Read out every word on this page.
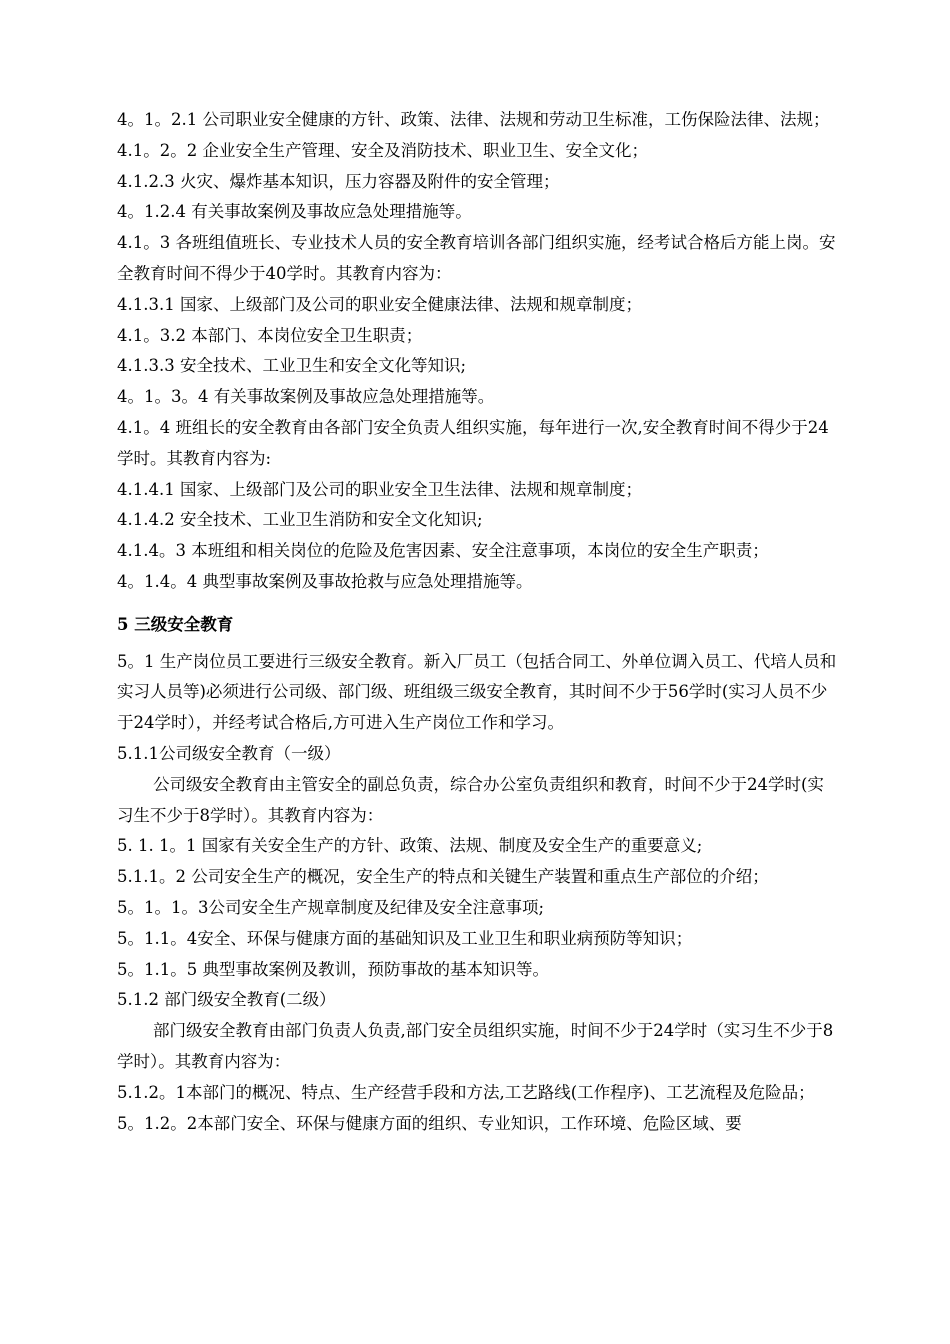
4。1。2.1 公司职业安全健康的方针、政策、法律、法规和劳动卫生标准，工伤保险法律、法规；

4.1。2。2 企业安全生产管理、安全及消防技术、职业卫生、安全文化；

4.1.2.3 火灾、爆炸基本知识，压力容器及附件的安全管理；

4。1.2.4 有关事故案例及事故应急处理措施等。

4.1。3 各班组值班长、专业技术人员的安全教育培训各部门组织实施，经考试合格后方能上岗。安全教育时间不得少于40学时。其教育内容为：

4.1.3.1 国家、上级部门及公司的职业安全健康法律、法规和规章制度；

4.1。3.2 本部门、本岗位安全卫生职责；

4.1.3.3 安全技术、工业卫生和安全文化等知识;

4。1。3。4 有关事故案例及事故应急处理措施等。

4.1。4 班组长的安全教育由各部门安全负责人组织实施，每年进行一次,安全教育时间不得少于24学时。其教育内容为:

4.1.4.1 国家、上级部门及公司的职业安全卫生法律、法规和规章制度；

4.1.4.2 安全技术、工业卫生消防和安全文化知识;

4.1.4。3 本班组和相关岗位的危险及危害因素、安全注意事项，本岗位的安全生产职责；

4。1.4。4 典型事故案例及事故抢救与应急处理措施等。

5 三级安全教育

5。1 生产岗位员工要进行三级安全教育。新入厂员工（包括合同工、外单位调入员工、代培人员和实习人员等)必须进行公司级、部门级、班组级三级安全教育，其时间不少于56学时(实习人员不少于24学时），并经考试合格后,方可进入生产岗位工作和学习。

5.1.1公司级安全教育（一级）

公司级安全教育由主管安全的副总负责，综合办公室负责组织和教育，时间不少于24学时(实习生不少于8学时）。其教育内容为：

5. 1. 1。1 国家有关安全生产的方针、政策、法规、制度及安全生产的重要意义;

5.1.1。2 公司安全生产的概况，安全生产的特点和关键生产装置和重点生产部位的介绍；

5。1。1。3公司安全生产规章制度及纪律及安全注意事项;

5。1.1。4安全、环保与健康方面的基础知识及工业卫生和职业病预防等知识；

5。1.1。5 典型事故案例及教训，预防事故的基本知识等。

5.1.2 部门级安全教育(二级）

部门级安全教育由部门负责人负责,部门安全员组织实施，时间不少于24学时（实习生不少于8学时）。其教育内容为：

5.1.2。1本部门的概况、特点、生产经营手段和方法,工艺路线(工作程序)、工艺流程及危险品；

5。1.2。2本部门安全、环保与健康方面的组织、专业知识，工作环境、危险区域、要
